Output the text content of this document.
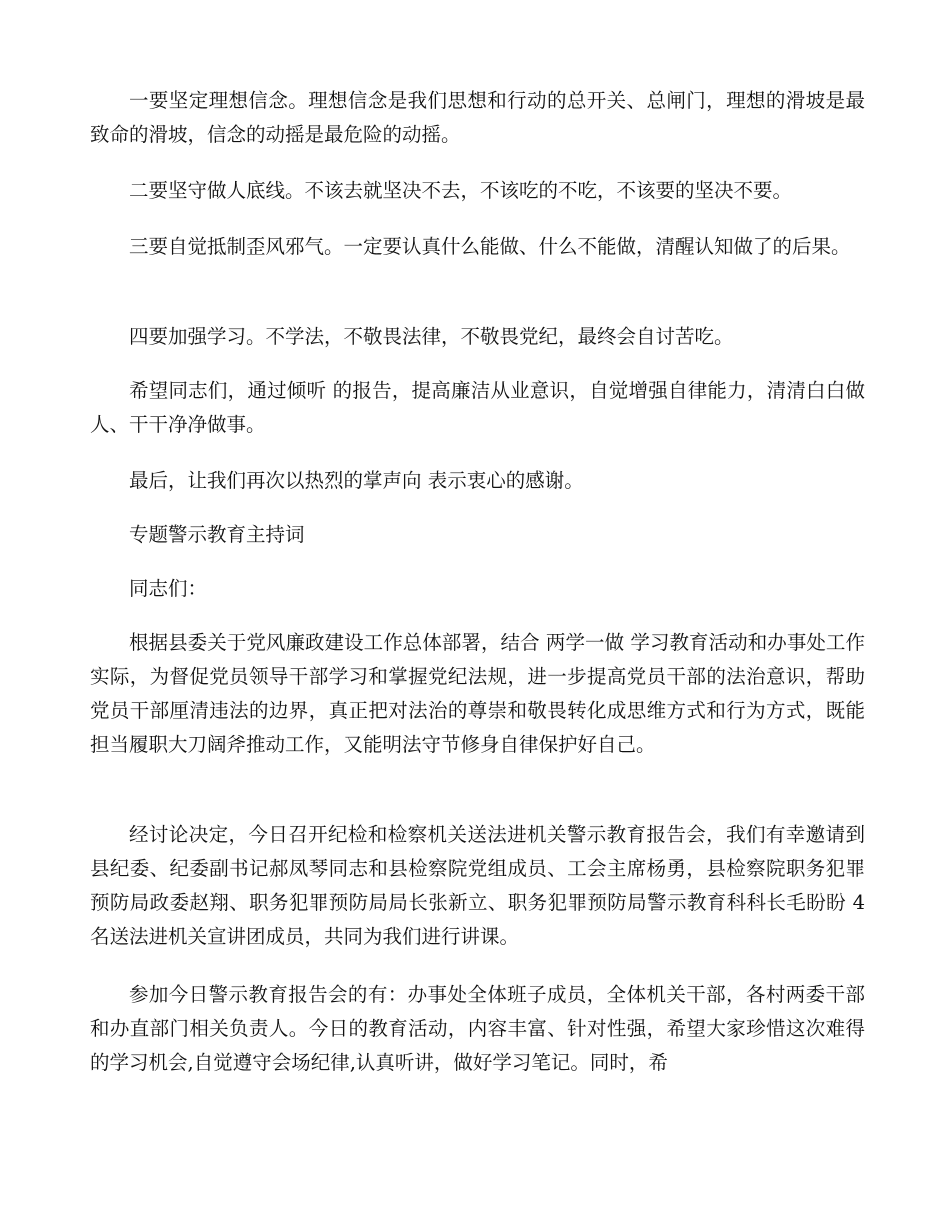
一要坚定理想信念。理想信念是我们思想和行动的总开关、总闸门，理想的滑坡是最致命的滑坡，信念的动摇是最危险的动摇。

二要坚守做人底线。不该去就坚决不去，不该吃的不吃，不该要的坚决不要。

三要自觉抵制歪风邪气。一定要认真什么能做、什么不能做，清醒认知做了的后果。

四要加强学习。不学法，不敬畏法律，不敬畏党纪，最终会自讨苦吃。

希望同志们，通过倾听 的报告，提高廉洁从业意识，自觉增强自律能力，清清白白做人、干干净净做事。

最后，让我们再次以热烈的掌声向 表示衷心的感谢。

专题警示教育主持词

同志们：

根据县委关于党风廉政建设工作总体部署，结合 两学一做 学习教育活动和办事处工作实际，为督促党员领导干部学习和掌握党纪法规，进一步提高党员干部的法治意识，帮助党员干部厘清违法的边界，真正把对法治的尊崇和敬畏转化成思维方式和行为方式，既能担当履职大刀阔斧推动工作，又能明法守节修身自律保护好自己。

经讨论决定，今日召开纪检和检察机关送法进机关警示教育报告会，我们有幸邀请到县纪委、纪委副书记郝凤琴同志和县检察院党组成员、工会主席杨勇，县检察院职务犯罪预防局政委赵翔、职务犯罪预防局局长张新立、职务犯罪预防局警示教育科科长毛盼盼 4 名送法进机关宣讲团成员，共同为我们进行讲课。

参加今日警示教育报告会的有：办事处全体班子成员，全体机关干部，各村两委干部和办直部门相关负责人。今日的教育活动，内容丰富、针对性强，希望大家珍惜这次难得的学习机会,自觉遵守会场纪律,认真听讲，做好学习笔记。同时，希
